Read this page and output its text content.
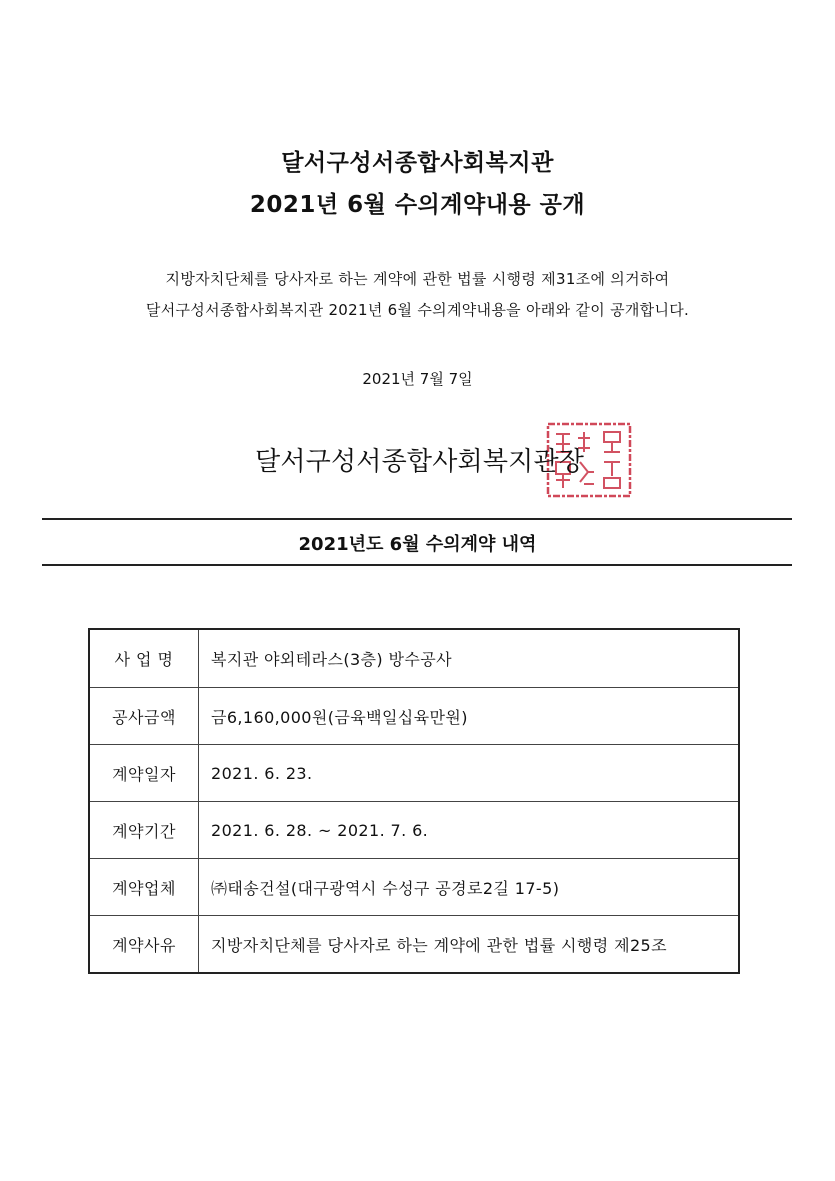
달서구성서종합사회복지관
2021년 6월 수의계약내용 공개
지방자치단체를 당사자로 하는 계약에 관한 법률 시행령 제31조에 의거하여
달서구성서종합사회복지관 2021년 6월 수의계약내용을 아래와 같이 공개합니다.
2021년 7월 7일
달서구성서종합사회복지관장
2021년도 6월 수의계약 내역
사 업 명	복지관 야외테라스(3층) 방수공사
공사금액	금6,160,000원(금육백일십육만원)
계약일자	2021. 6. 23.
계약기간	2021. 6. 28. ~ 2021. 7. 6.
계약업체	㈜태송건설(대구광역시 수성구 공경로2길 17-5)
계약사유	지방자치단체를 당사자로 하는 계약에 관한 법률 시행령 제25조
